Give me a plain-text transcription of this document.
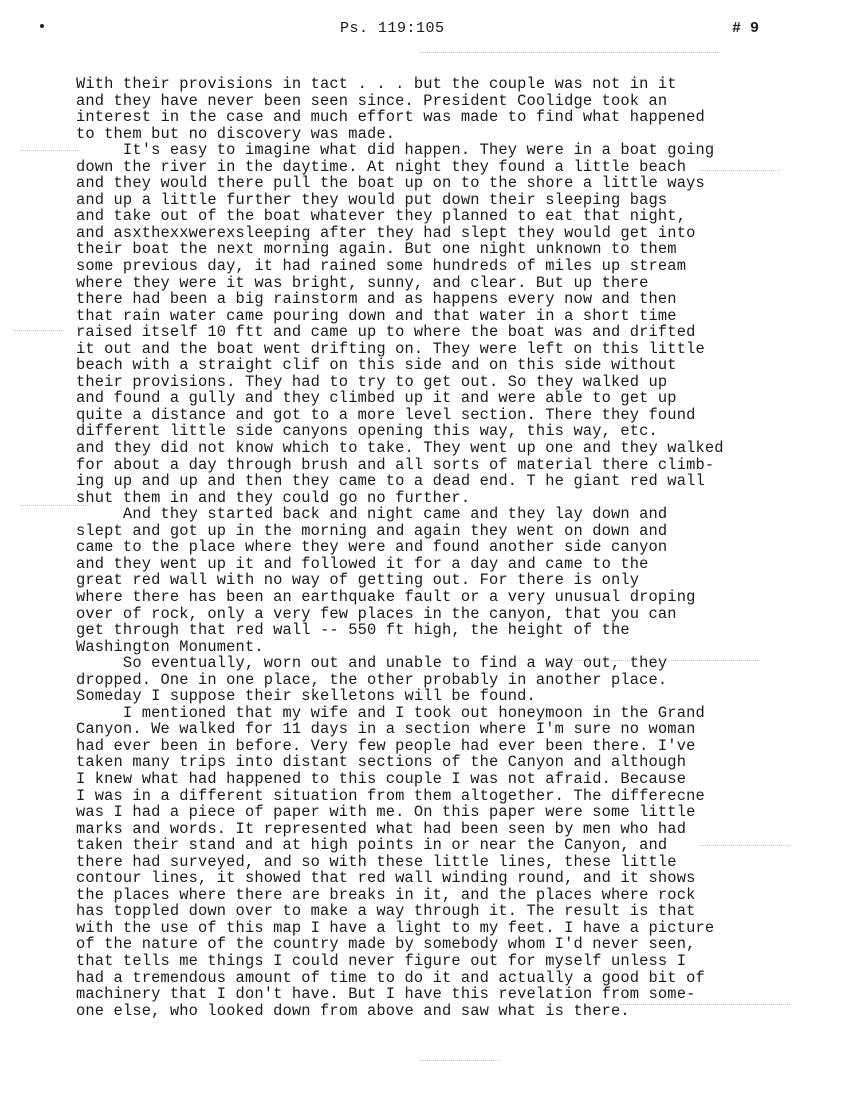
Ps. 119:105	# 9
With their provisions in tact . . . but the couple was not in it
and they have never been seen since. President Coolidge took an
interest in the case and much effort was made to find what happened
to them but no discovery was made.
It's easy to imagine what did happen. They were in a boat going
down the river in the daytime. At night they found a little beach
and they would there pull the boat up on to the shore a little ways
and up a little further they would put down their sleeping bags
and take out of the boat whatever they planned to eat that night,
and asxthexxwerexsleeping after they had slept they would get into
their boat the next morning again. But one night unknown to them
some previous day, it had rained some hundreds of miles up stream
where they were it was bright, sunny, and clear. But up there
there had been a big rainstorm and as happens every now and then
that rain water came pouring down and that water in a short time
raised itself 10 ftt and came up to where the boat was and drifted
it out and the boat went drifting on. They were left on this little
beach with a straight clif on this side and on this side without
their provisions. They had to try to get out. So they walked up
and found a gully and they climbed up it and were able to get up
quite a distance and got to a more level section. There they found
different little side canyons opening this way, this way, etc.
and they did not know which to take. They went up one and they walked
for about a day through brush and all sorts of material there climb-
ing up and up and then they came to a dead end. T he giant red wall
shut them in and they could go no further.
And they started back and night came and they lay down and
slept and got up in the morning and again they went on down and
came to the place where they were and found another side canyon
and they went up it and followed it for a day and came to the
great red wall with no way of getting out. For there is only
where there has been an earthquake fault or a very unusual droping
over of rock, only a very few places in the canyon, that you can
get through that red wall -- 550 ft high, the height of the
Washington Monument.
So eventually, worn out and unable to find a way out, they
dropped. One in one place, the other probably in another place.
Someday I suppose their skelletons will be found.
I mentioned that my wife and I took out honeymoon in the Grand
Canyon. We walked for 11 days in a section where I'm sure no woman
had ever been in before. Very few people had ever been there. I've
taken many trips into distant sections of the Canyon and although
I knew what had happened to this couple I was not afraid. Because
I was in a different situation from them altogether. The differecne
was I had a piece of paper with me. On this paper were some little
marks and words. It represented what had been seen by men who had
taken their stand and at high points in or near the Canyon, and
there had surveyed, and so with these little lines, these little
contour lines, it showed that red wall winding round, and it shows
the places where there are breaks in it, and the places where rock
has toppled down over to make a way through it. The result is that
with the use of this map I have a light to my feet. I have a picture
of the nature of the country made by somebody whom I'd never seen,
that tells me things I could never figure out for myself unless I
had a tremendous amount of time to do it and actually a good bit of
machinery that I don't have. But I have this revelation from some-
one else, who looked down from above and saw what is there.
